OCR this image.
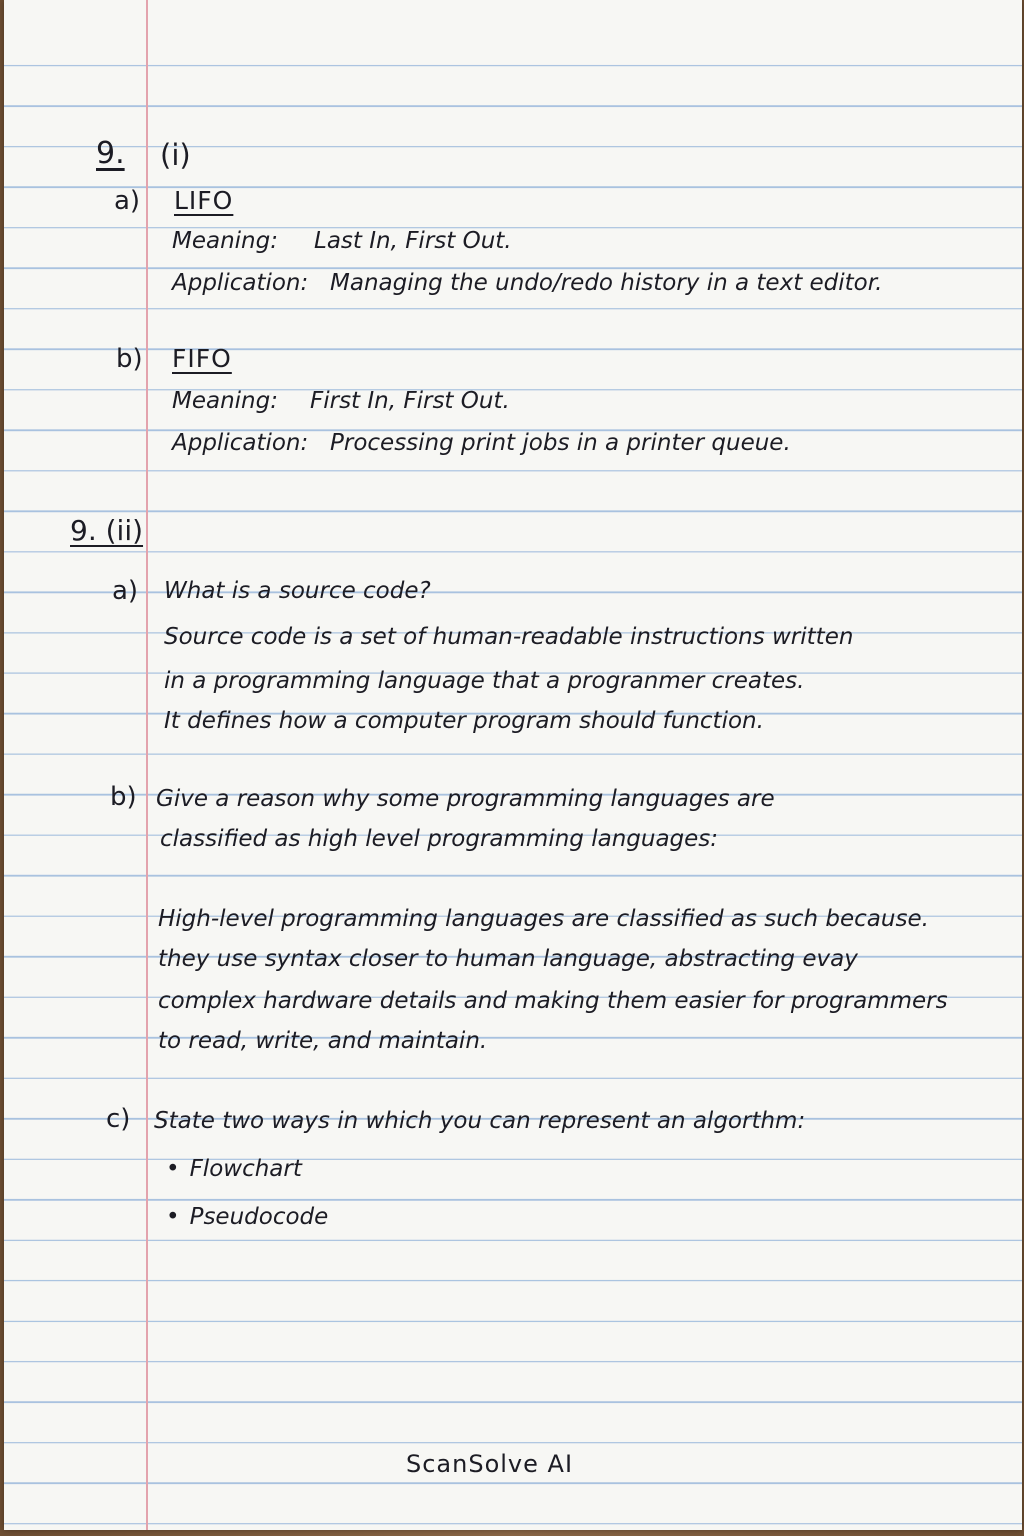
9. (i)
a) LIFO
Meaning: Last In, First Out.
Application: Managing the undo/redo history in a text editor.
b) FIFO
Meaning: First In, First Out.
Application: Processing print jobs in a printer queue.
9. (ii)
a) What is a source code?
Source code is a set of human-readable instructions written
in a programming language that a progranmer creates.
It defines how a computer program should function.
b) Give a reason why some programming languages are
classified as high level programming languages:
High-level programming languages are classified as such because.
they use syntax closer to human language, abstracting evay
complex hardware details and making them easier for programmers
to read, write, and maintain.
c) State two ways in which you can represent an algorthm:
• Flowchart
• Pseudocode
ScanSolve AI
